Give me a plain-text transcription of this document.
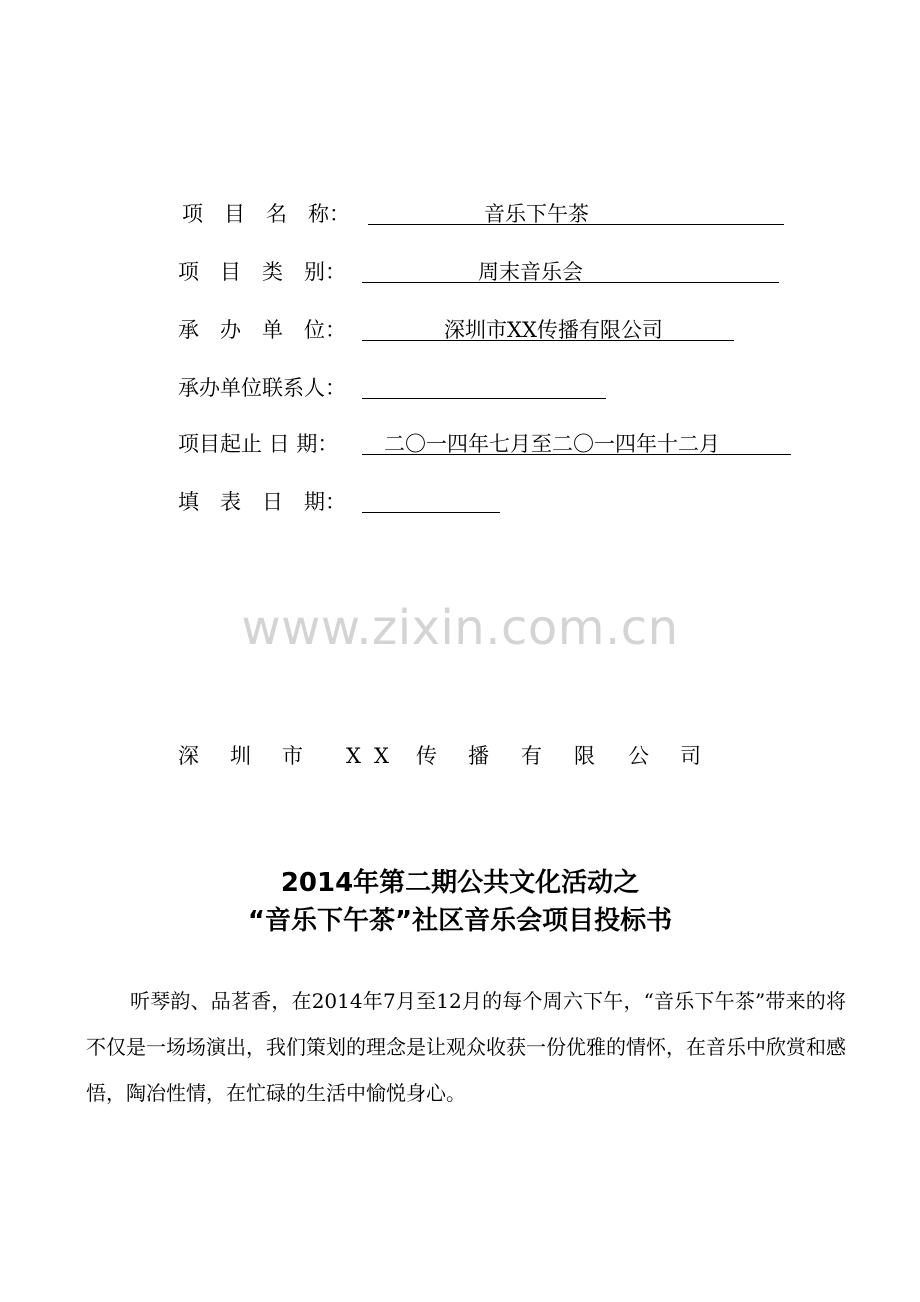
项　目　名　称：	音乐下午茶
项　目　类　别：	周末音乐会
承　办　单　位：	深圳市XX传播有限公司
承办单位联系人：
项目起止 日 期： 二〇一四年七月至二〇一四年十二月
填　表　日　期：
www.zixin.com.cn
深 圳 市 X X 传 播 有 限 公 司
2014年第二期公共文化活动之
“音乐下午茶”社区音乐会项目投标书
听琴韵、品茗香，在2014年7月至12月的每个周六下午，“音乐下午茶”带来的将不仅是一场场演出，我们策划的理念是让观众收获一份优雅的情怀，在音乐中欣赏和感悟，陶冶性情，在忙碌的生活中愉悦身心。
